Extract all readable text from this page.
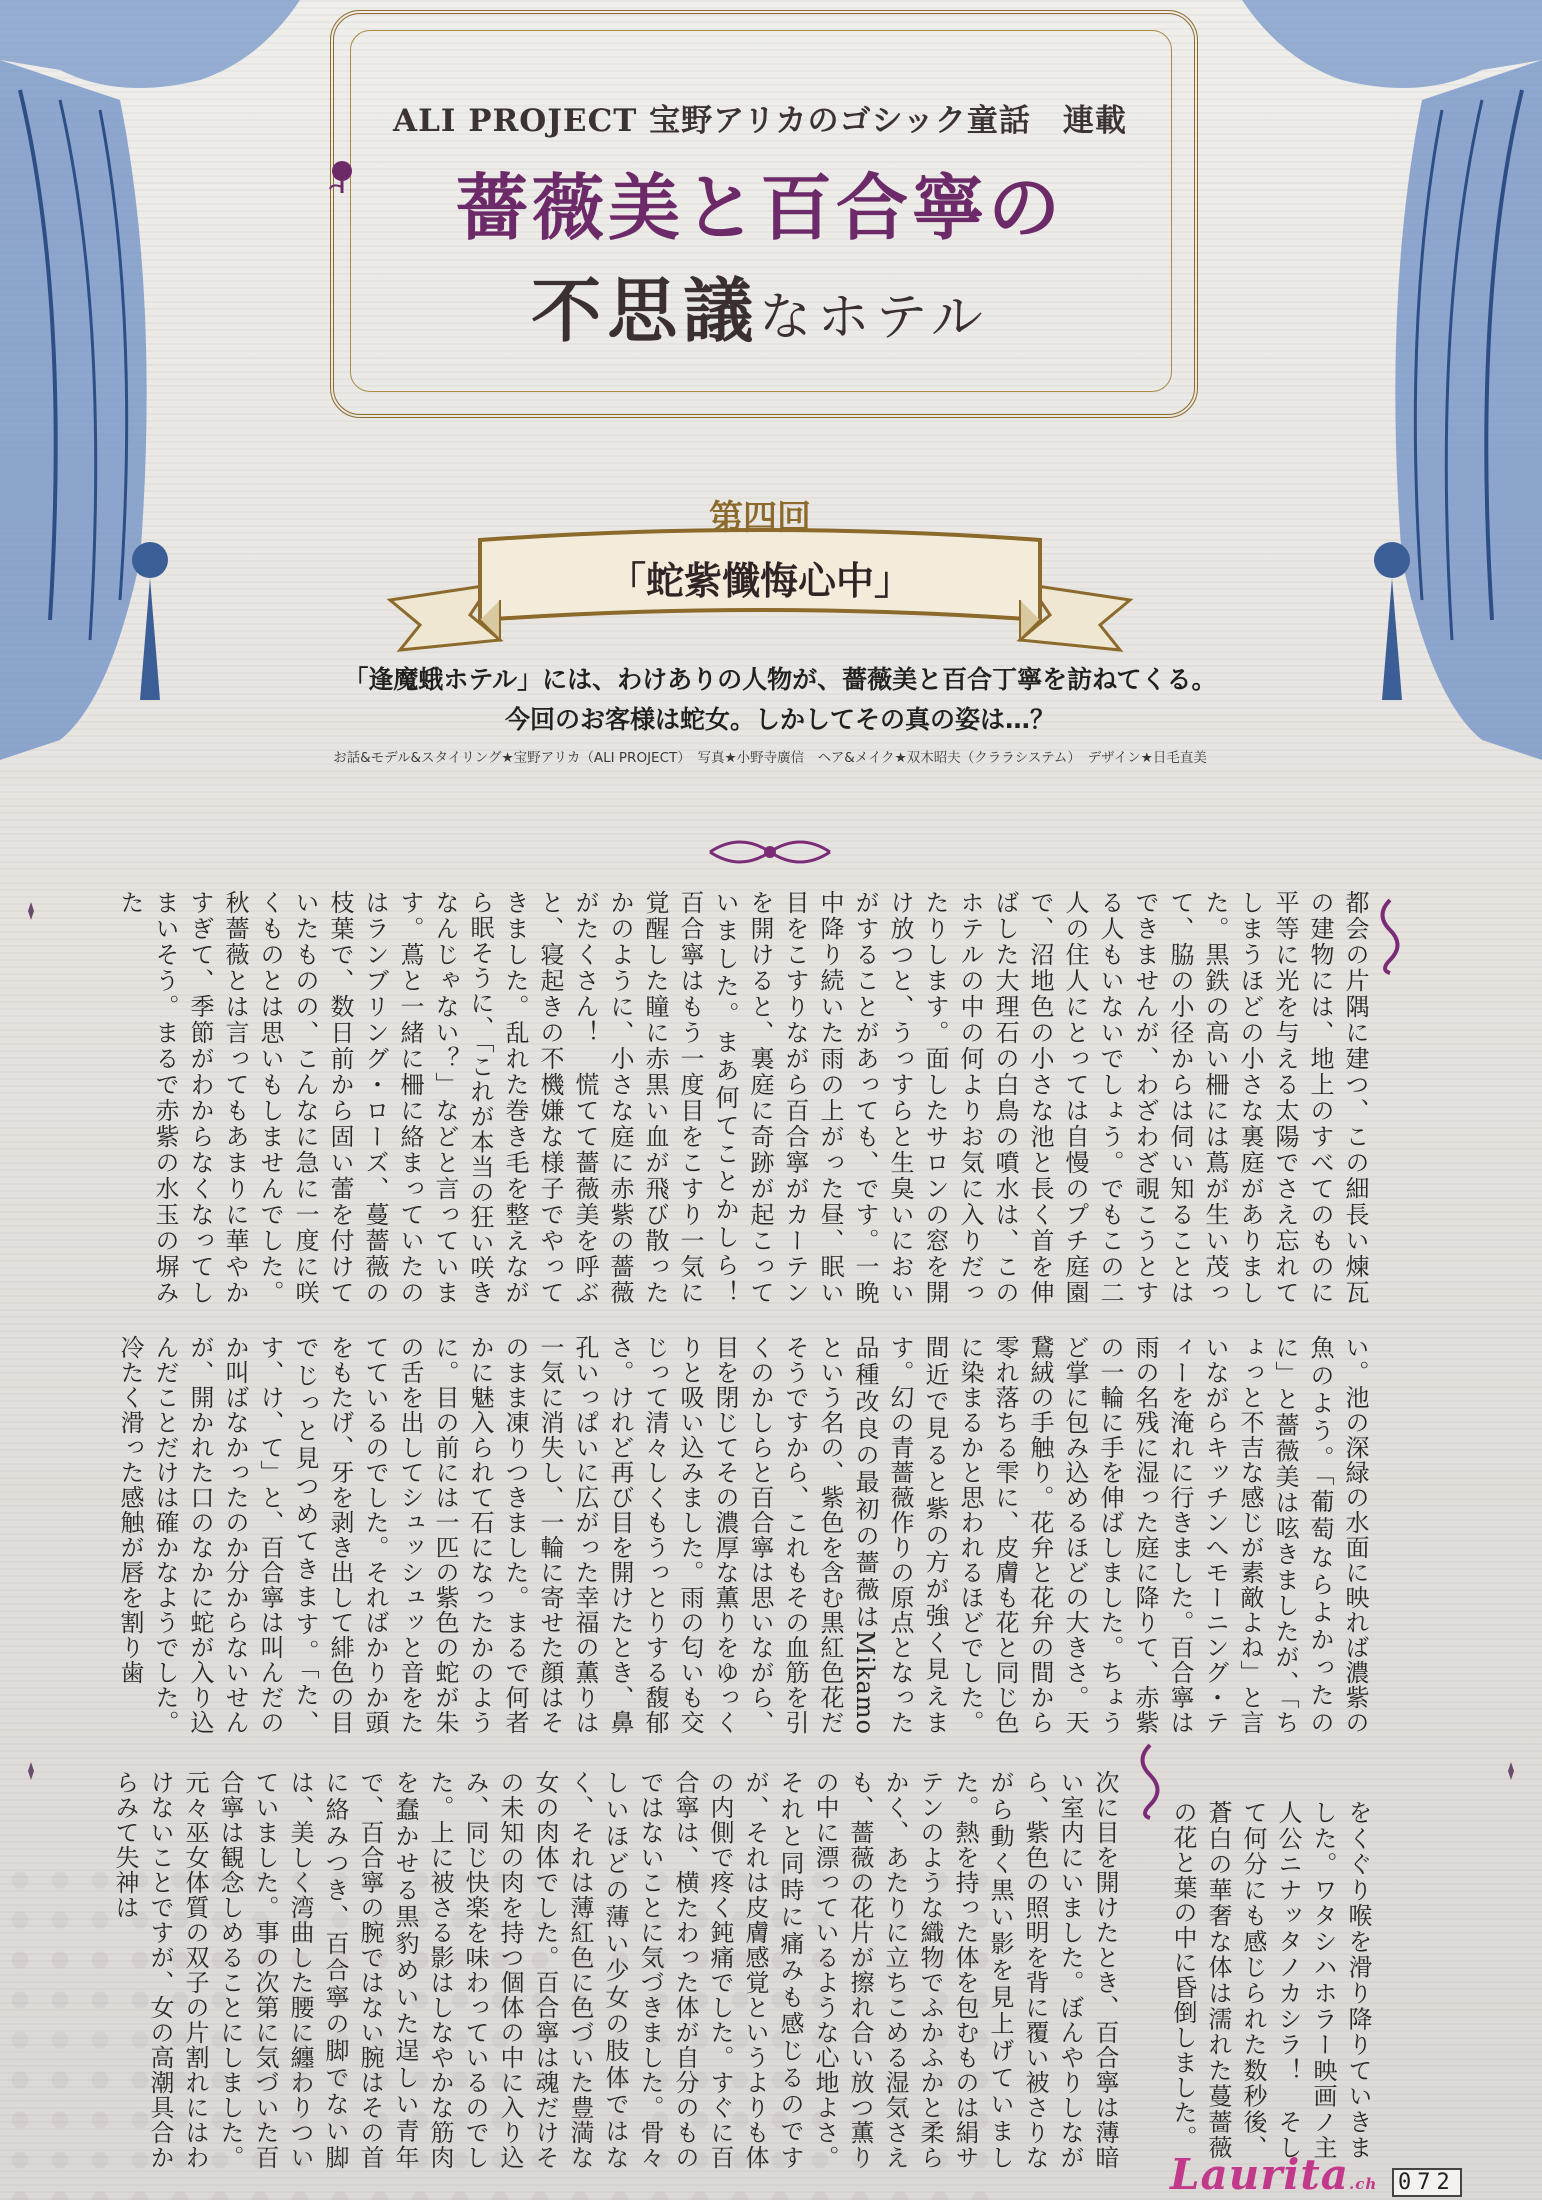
ALI PROJECT 宝野アリカのゴシック童話　連載
薔薇美と百合寧の
不思議なホテル
第四回
「蛇紫懺悔心中」
「逢魔蛾ホテル」には、わけありの人物が、薔薇美と百合丁寧を訪ねてくる。
今回のお客様は蛇女。しかしてその真の姿は…？
お話&モデル&スタイリング★宝野アリカ（ALI PROJECT）　写真★小野寺廣信　ヘア&メイク★双木昭夫（クララシステム）　デザイン★日毛直美
都会の片隅に建つ、この細長い煉瓦の建物には、地上のすべてのものに平等に光を与える太陽でさえ忘れてしまうほどの小さな裏庭がありました。黒鉄の高い柵には蔦が生い茂って、脇の小径からは伺い知ることはできませんが、わざわざ覗こうとする人もいないでしょう。でもこの二人の住人にとっては自慢のプチ庭園で、沼地色の小さな池と長く首を伸ばした大理石の白鳥の噴水は、このホテルの中の何よりお気に入りだったりします。面したサロンの窓を開け放つと、うっすらと生臭いにおいがすることがあっても、です。一晩中降り続いた雨の上がった昼、眠い目をこすりながら百合寧がカーテンを開けると、裏庭に奇跡が起こっていました。まあ何てことかしら！　百合寧はもう一度目をこすり一気に覚醒した瞳に赤黒い血が飛び散ったかのように、小さな庭に赤紫の薔薇がたくさん！　慌てて薔薇美を呼ぶと、寝起きの不機嫌な様子でやってきました。乱れた巻き毛を整えながら眠そうに、「これが本当の狂い咲きなんじゃない？」などと言っています。蔦と一緒に柵に絡まっていたのはランブリング・ローズ、蔓薔薇の枝葉で、数日前から固い蕾を付けていたものの、こんなに急に一度に咲くものとは思いもしませんでした。秋薔薇とは言ってもあまりに華やかすぎて、季節がわからなくなってしまいそう。まるで赤紫の水玉の塀みた
い。池の深緑の水面に映れば濃紫の魚のよう。「葡萄ならよかったのに」と薔薇美は呟きましたが、「ちょっと不吉な感じが素敵よね」と言いながらキッチンへモーニング・ティーを淹れに行きました。百合寧は雨の名残に湿った庭に降りて、赤紫の一輪に手を伸ばしました。ちょうど掌に包み込めるほどの大きさ。天鵞絨の手触り。花弁と花弁の間から零れ落ちる雫に、皮膚も花と同じ色に染まるかと思われるほどでした。間近で見ると紫の方が強く見えます。幻の青薔薇作りの原点となった品種改良の最初の薔薇はMikamoという名の、紫色を含む黒紅色花だそうですから、これもその血筋を引くのかしらと百合寧は思いながら、目を閉じてその濃厚な薫りをゆっくりと吸い込みました。雨の匂いも交じって清々しくもうっとりする馥郁さ。けれど再び目を開けたとき、鼻孔いっぱいに広がった幸福の薫りは一気に消失し、一輪に寄せた顔はそのまま凍りつきました。まるで何者かに魅入られて石になったかのように。目の前には一匹の紫色の蛇が朱の舌を出してシュッシュッと音をたてているのでした。そればかりか頭をもたげ、牙を剥き出して緋色の目でじっと見つめてきます。「た、す、け、て」と、百合寧は叫んだのか叫ばなかったのか分からないせんが、開かれた口のなかに蛇が入り込んだことだけは確かなようでした。冷たく滑った感触が唇を割り歯
をくぐり喉を滑り降りていきました。ワタシハホラー映画ノ主人公ニナッタノカシラ！　そして何分にも感じられた数秒後、蒼白の華奢な体は濡れた蔓薔薇の花と葉の中に昏倒しました。
次に目を開けたとき、百合寧は薄暗い室内にいました。ぼんやりしながら、紫色の照明を背に覆い被さりながら動く黒い影を見上げていました。熱を持った体を包むものは絹サテンのような織物でふかふかと柔らかく、あたりに立ちこめる湿気さえも、薔薇の花片が擦れ合い放つ薫りの中に漂っているような心地よさ。それと同時に痛みも感じるのですが、それは皮膚感覚というよりも体の内側で疼く鈍痛でした。すぐに百合寧は、横たわった体が自分のものではないことに気づきました。骨々しいほどの薄い少女の肢体ではなく、それは薄紅色に色づいた豊満な女の肉体でした。百合寧は魂だけその未知の肉を持つ個体の中に入り込み、同じ快楽を味わっているのでした。上に被さる影はしなやかな筋肉を蠢かせる黒豹めいた逞しい青年で、百合寧の腕ではない腕はその首に絡みつき、百合寧の脚でない脚は、美しく湾曲した腰に纏わりついていました。事の次第に気づいた百合寧は観念しめることにしました。元々巫女体質の双子の片割れにはわけないことですが、女の高潮具合からみて失神は
Laurita.ch 072
